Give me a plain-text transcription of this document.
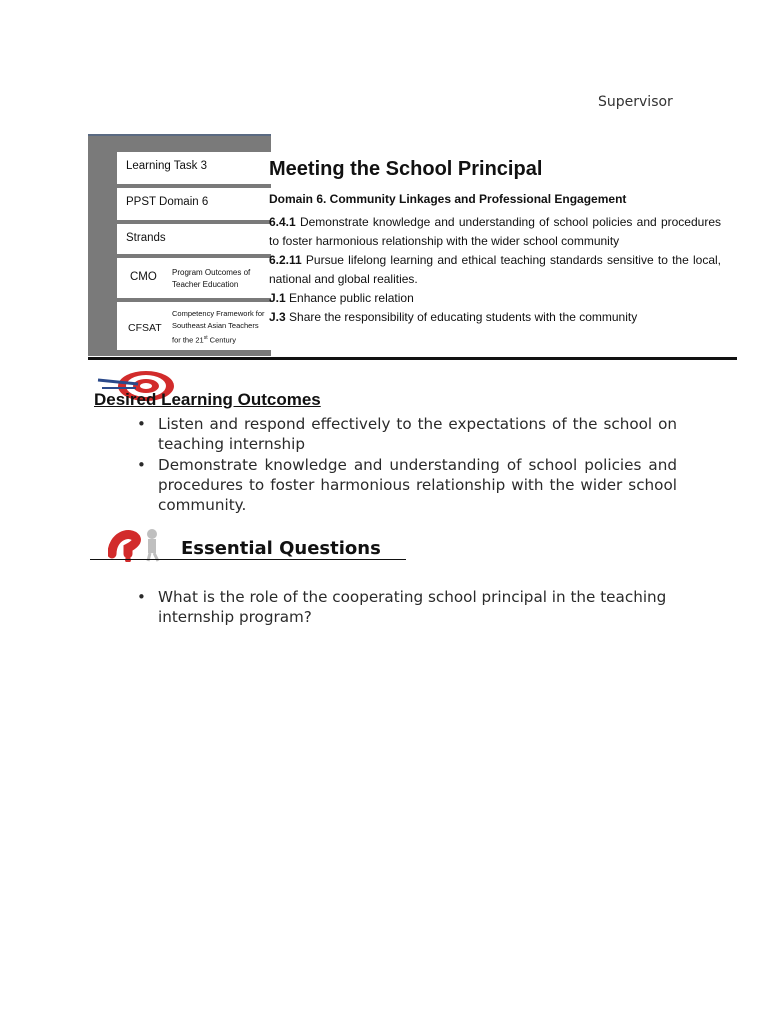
Supervisor
Learning Task 3
PPST Domain 6
Strands
CMO Program Outcomes of
Teacher Education
CFSAT
Competency Framework for
Southeast Asian Teachers
for the 21st Century
Meeting the School Principal
Domain 6. Community Linkages and Professional Engagement
6.4.1 Demonstrate knowledge and understanding of school policies and procedures to foster harmonious relationship with the wider school community
6.2.11 Pursue lifelong learning and ethical teaching standards sensitive to the local, national and global realities.
J.1 Enhance public relation
J.3 Share the responsibility of educating students with the community
Desired Learning Outcomes
• Listen and respond effectively to the expectations of the school on teaching internship
• Demonstrate knowledge and understanding of school policies and procedures to foster harmonious relationship with the wider school community.
Essential Questions
• What is the role of the cooperating school principal in the teaching internship program?
